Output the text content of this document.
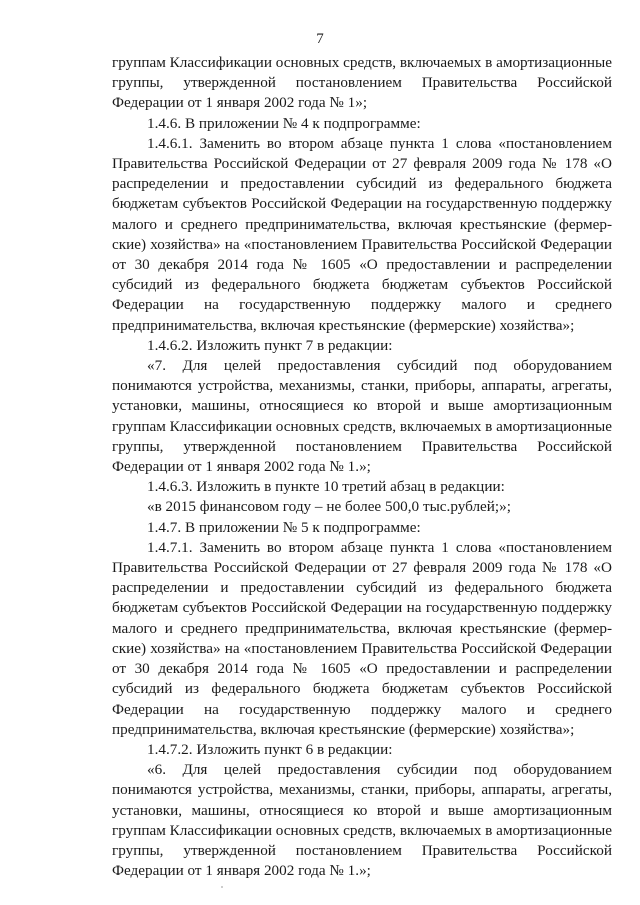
7

группам Классификации основных средств, включаемых в амортизационные группы, утвержденной постановлением Правительства Российской Федерации от 1 января 2002 года № 1»;

1.4.6. В приложении № 4 к подпрограмме:

1.4.6.1. Заменить во втором абзаце пункта 1 слова «постановлением Правительства Российской Федерации от 27 февраля 2009 года № 178 «О распределении и предоставлении субсидий из федерального бюджета бюджетам субъектов Российской Федерации на государственную поддержку малого и среднего предпринимательства, включая крестьянские (фермерские) хозяйства» на «постановлением Правительства Российской Федерации от 30 декабря 2014 года № 1605 «О предоставлении и распределении субсидий из федерального бюджета бюджетам субъектов Российской Федерации на государственную поддержку малого и среднего предпринимательства, включая крестьянские (фермерские) хозяйства»;

1.4.6.2. Изложить пункт 7 в редакции:

«7. Для целей предоставления субсидий под оборудованием понимаются устройства, механизмы, станки, приборы, аппараты, агрегаты, установки, машины, относящиеся ко второй и выше амортизационным группам Классификации основных средств, включаемых в амортизационные группы, утвержденной постановлением Правительства Российской Федерации от 1 января 2002 года № 1.»;

1.4.6.3. Изложить в пункте 10 третий абзац в редакции:

«в 2015 финансовом году – не более 500,0 тыс.рублей;»;

1.4.7. В приложении № 5 к подпрограмме:

1.4.7.1. Заменить во втором абзаце пункта 1 слова «постановлением Правительства Российской Федерации от 27 февраля 2009 года № 178 «О распределении и предоставлении субсидий из федерального бюджета бюджетам субъектов Российской Федерации на государственную поддержку малого и среднего предпринимательства, включая крестьянские (фермерские) хозяйства» на «постановлением Правительства Российской Федерации от 30 декабря 2014 года № 1605 «О предоставлении и распределении субсидий из федерального бюджета бюджетам субъектов Российской Федерации на государственную поддержку малого и среднего предпринимательства, включая крестьянские (фермерские) хозяйства»;

1.4.7.2. Изложить пункт 6 в редакции:

«6. Для целей предоставления субсидии под оборудованием понимаются устройства, механизмы, станки, приборы, аппараты, агрегаты, установки, машины, относящиеся ко второй и выше амортизационным группам Классификации основных средств, включаемых в амортизационные группы, утвержденной постановлением Правительства Российской Федерации от 1 января 2002 года № 1.»;
